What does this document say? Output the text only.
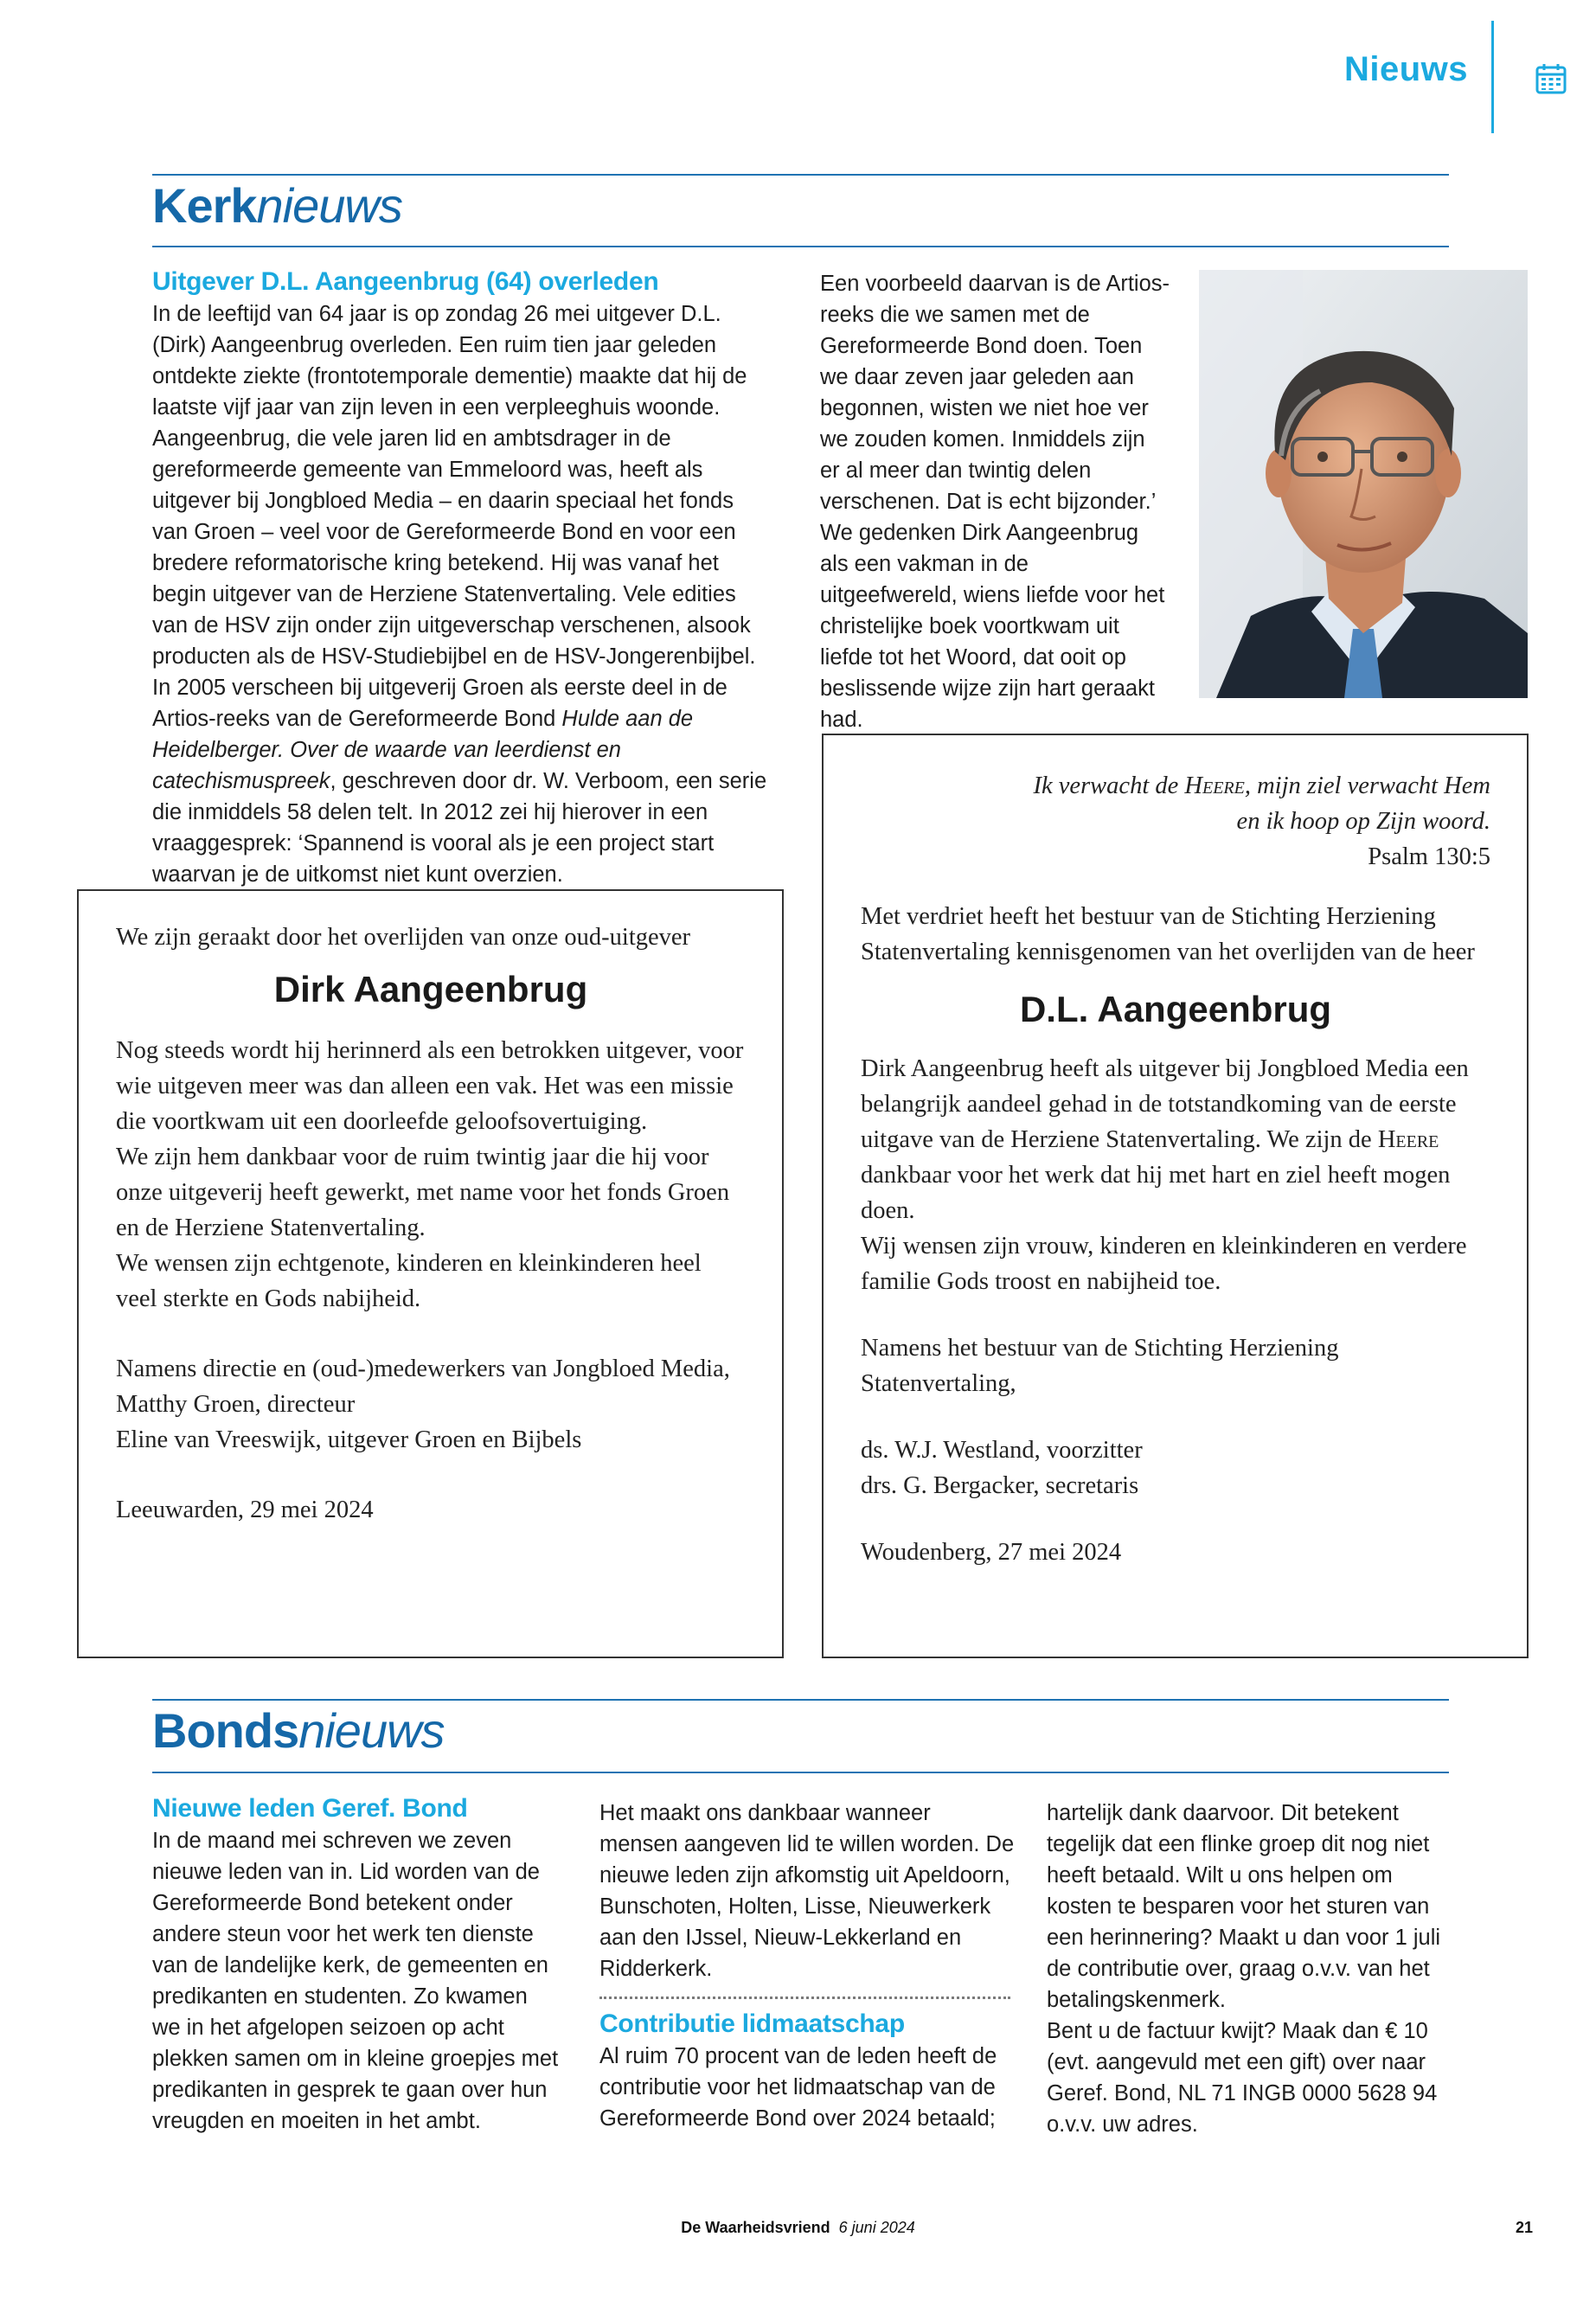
Nieuws
Kerknieuws
Uitgever D.L. Aangeenbrug (64) overleden

In de leeftijd van 64 jaar is op zondag 26 mei uitgever D.L. (Dirk) Aangeenbrug overleden. Een ruim tien jaar geleden ontdekte ziekte (frontotemporale dementie) maakte dat hij de laatste vijf jaar van zijn leven in een verpleeghuis woonde.

Aangeenbrug, die vele jaren lid en ambtsdrager in de gereformeerde gemeente van Emmeloord was, heeft als uitgever bij Jongbloed Media – en daarin speciaal het fonds van Groen – veel voor de Gereformeerde Bond en voor een bredere reformatorische kring betekend. Hij was vanaf het begin uitgever van de Herziene Statenvertaling. Vele edities van de HSV zijn onder zijn uitgeverschap verschenen, alsook producten als de HSV-Studiebijbel en de HSV-Jongerenbijbel. In 2005 verscheen bij uitgeverij Groen als eerste deel in de Artios-reeks van de Gereformeerde Bond Hulde aan de Heidelberger. Over de waarde van leerdienst en catechismuspreek, geschreven door dr. W. Verboom, een serie die inmiddels 58 delen telt. In 2012 zei hij hierover in een vraaggesprek: ‘Spannend is vooral als je een project start waarvan je de uitkomst niet kunt overzien.

Een voorbeeld daarvan is de Artios-reeks die we samen met de Gereformeerde Bond doen. Toen we daar zeven jaar geleden aan begonnen, wisten we niet hoe ver we zouden komen. Inmiddels zijn er al meer dan twintig delen verschenen. Dat is echt bijzonder.’

We gedenken Dirk Aangeenbrug als een vakman in de uitgeefwereld, wiens liefde voor het christelijke boek voortkwam uit liefde tot het Woord, dat ooit op beslissende wijze zijn hart geraakt had.

We zijn geraakt door het overlijden van onze oud-uitgever

Dirk Aangeenbrug

Nog steeds wordt hij herinnerd als een betrokken uitgever, voor wie uitgeven meer was dan alleen een vak. Het was een missie die voortkwam uit een doorleefde geloofsovertuiging.

We zijn hem dankbaar voor de ruim twintig jaar die hij voor onze uitgeverij heeft gewerkt, met name voor het fonds Groen en de Herziene Statenvertaling.

We wensen zijn echtgenote, kinderen en kleinkinderen heel veel sterkte en Gods nabijheid.

Namens directie en (oud-)medewerkers van Jongbloed Media,

Matthy Groen, directeur

Eline van Vreeswijk, uitgever Groen en Bijbels

Leeuwarden, 29 mei 2024

Ik verwacht de Heere, mijn ziel verwacht Hem
en ik hoop op Zijn woord.
Psalm 130:5

Met verdriet heeft het bestuur van de Stichting Herziening Statenvertaling kennisgenomen van het overlijden van de heer

D.L. Aangeenbrug

Dirk Aangeenbrug heeft als uitgever bij Jongbloed Media een belangrijk aandeel gehad in de totstandkoming van de eerste uitgave van de Herziene Statenvertaling. We zijn de Heere dankbaar voor het werk dat hij met hart en ziel heeft mogen doen.

Wij wensen zijn vrouw, kinderen en kleinkinderen en verdere familie Gods troost en nabijheid toe.

Namens het bestuur van de Stichting Herziening Statenvertaling,

ds. W.J. Westland, voorzitter

drs. G. Bergacker, secretaris

Woudenberg, 27 mei 2024

Bondsnieuws
Nieuwe leden Geref. Bond
In de maand mei schreven we zeven nieuwe leden van in. Lid worden van de Gereformeerde Bond betekent onder andere steun voor het werk ten dienste van de landelijke kerk, de gemeenten en predikanten en studenten. Zo kwamen we in het afgelopen seizoen op acht plekken samen om in kleine groepjes met predikanten in gesprek te gaan over hun vreugden en moeiten in het ambt.
Het maakt ons dankbaar wanneer mensen aangeven lid te willen worden. De nieuwe leden zijn afkomstig uit Apeldoorn, Bunschoten, Holten, Lisse, Nieuwerkerk aan den IJssel, Nieuw-Lekkerland en Ridderkerk.
Contributie lidmaatschap
Al ruim 70 procent van de leden heeft de contributie voor het lidmaatschap van de Gereformeerde Bond over 2024 betaald;

hartelijk dank daarvoor. Dit betekent tegelijk dat een flinke groep dit nog niet heeft betaald. Wilt u ons helpen om kosten te besparen voor het sturen van een herinnering? Maakt u dan voor 1 juli de contributie over, graag o.v.v. van het betalingskenmerk.

Bent u de factuur kwijt? Maak dan € 10 (evt. aangevuld met een gift) over naar Geref. Bond, NL 71 INGB 0000 5628 94 o.v.v. uw adres.

De Waarheidsvriend 6 juni 2024	21
